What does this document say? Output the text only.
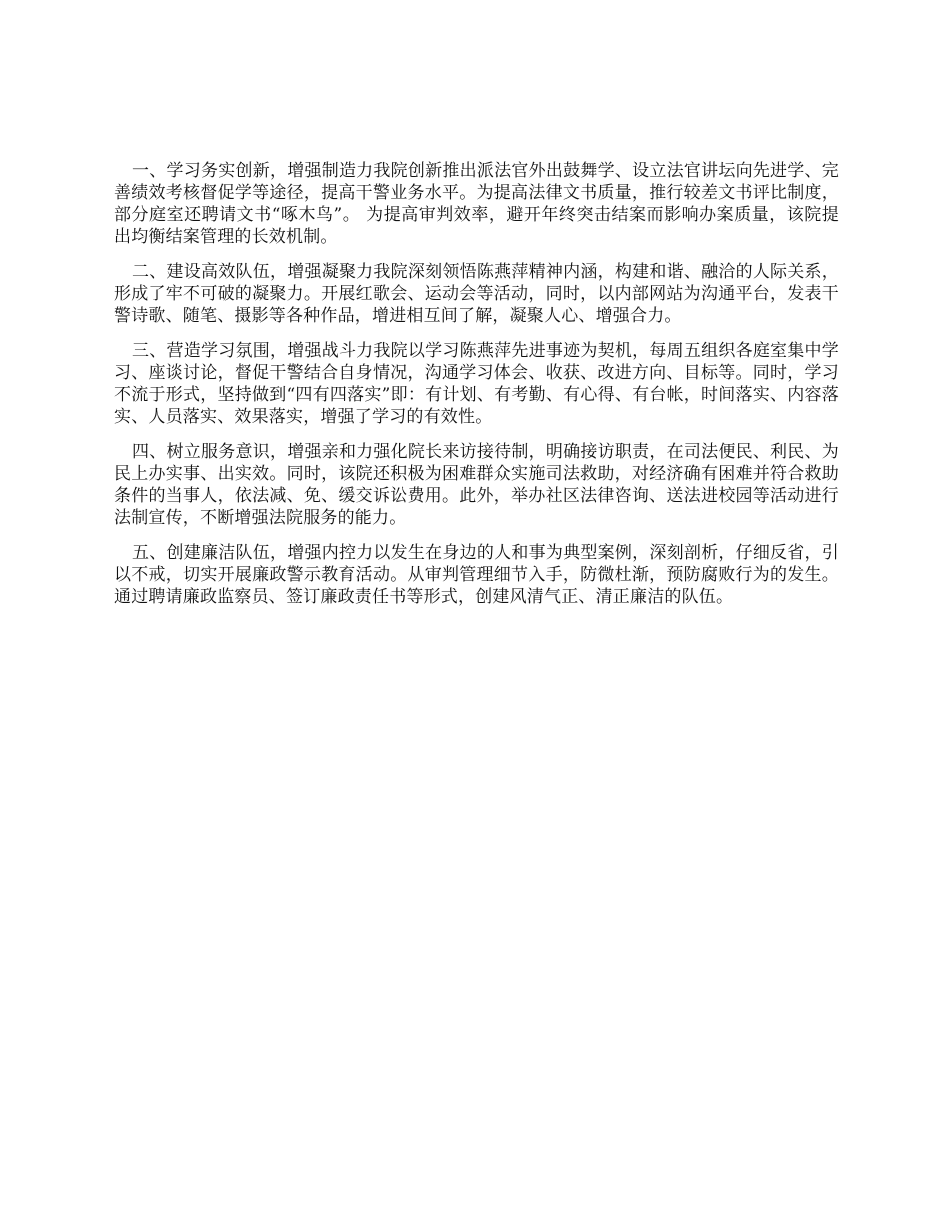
一、学习务实创新，增强制造力我院创新推出派法官外出鼓舞学、设立法官讲坛向先进学、完善绩效考核督促学等途径，提高干警业务水平。为提高法律文书质量，推行较差文书评比制度，部分庭室还聘请文书“啄木鸟”。 为提高审判效率，避开年终突击结案而影响办案质量，该院提出均衡结案管理的长效机制。

二、建设高效队伍，增强凝聚力我院深刻领悟陈燕萍精神内涵，构建和谐、融洽的人际关系，形成了牢不可破的凝聚力。开展红歌会、运动会等活动，同时，以内部网站为沟通平台，发表干警诗歌、随笔、摄影等各种作品，增进相互间了解，凝聚人心、增强合力。

三、营造学习氛围，增强战斗力我院以学习陈燕萍先进事迹为契机，每周五组织各庭室集中学习、座谈讨论，督促干警结合自身情况，沟通学习体会、收获、改进方向、目标等。同时，学习不流于形式，坚持做到“四有四落实”即：有计划、有考勤、有心得、有台帐，时间落实、内容落实、人员落实、效果落实，增强了学习的有效性。

四、树立服务意识，增强亲和力强化院长来访接待制，明确接访职责，在司法便民、利民、为民上办实事、出实效。同时，该院还积极为困难群众实施司法救助，对经济确有困难并符合救助条件的当事人，依法减、免、缓交诉讼费用。此外，举办社区法律咨询、送法进校园等活动进行法制宣传，不断增强法院服务的能力。

五、创建廉洁队伍，增强内控力以发生在身边的人和事为典型案例，深刻剖析，仔细反省，引以不戒，切实开展廉政警示教育活动。从审判管理细节入手，防微杜渐，预防腐败行为的发生。通过聘请廉政监察员、签订廉政责任书等形式，创建风清气正、清正廉洁的队伍。
